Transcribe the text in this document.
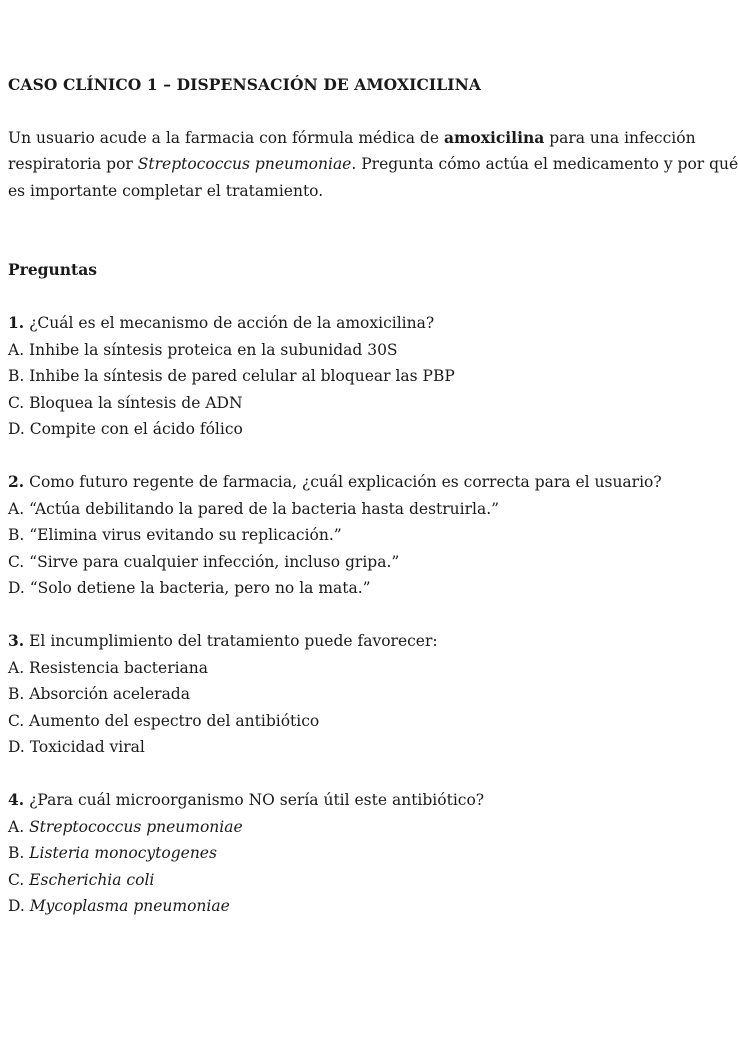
CASO CLÍNICO 1 – DISPENSACIÓN DE AMOXICILINA

Un usuario acude a la farmacia con fórmula médica de amoxicilina para una infección
respiratoria por Streptococcus pneumoniae. Pregunta cómo actúa el medicamento y por qué
es importante completar el tratamiento.

Preguntas
1. ¿Cuál es el mecanismo de acción de la amoxicilina?
A. Inhibe la síntesis proteica en la subunidad 30S
B. Inhibe la síntesis de pared celular al bloquear las PBP
C. Bloquea la síntesis de ADN
D. Compite con el ácido fólico
2. Como futuro regente de farmacia, ¿cuál explicación es correcta para el usuario?
A. “Actúa debilitando la pared de la bacteria hasta destruirla.”
B. “Elimina virus evitando su replicación.”
C. “Sirve para cualquier infección, incluso gripa.”
D. “Solo detiene la bacteria, pero no la mata.”
3. El incumplimiento del tratamiento puede favorecer:
A. Resistencia bacteriana
B. Absorción acelerada
C. Aumento del espectro del antibiótico
D. Toxicidad viral
4. ¿Para cuál microorganismo NO sería útil este antibiótico?
A. Streptococcus pneumoniae
B. Listeria monocytogenes
C. Escherichia coli
D. Mycoplasma pneumoniae
